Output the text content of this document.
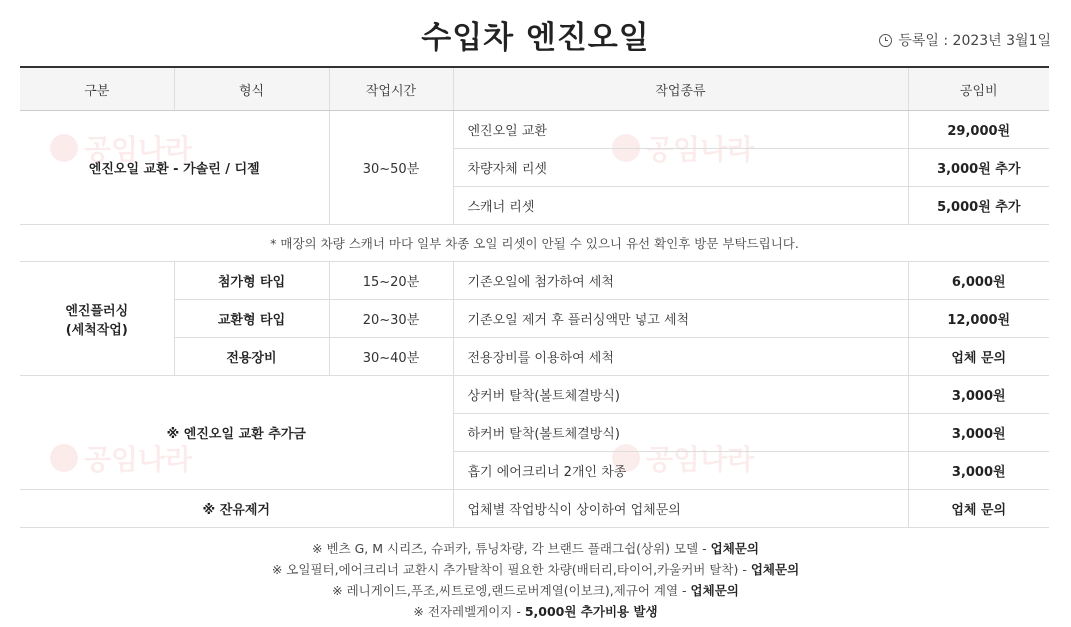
수입차 엔진오일	등록일 : 2023년 3월1일
공임나라	공임나라
공임나라	공임나라
구분	형식	작업시간	작업종류	공임비
엔진오일 교환 - 가솔린 / 디젤		30~50분	엔진오일 교환	29,000원
			차량자체 리셋	3,000원 추가
			스캐너 리셋	5,000원 추가
* 매장의 차량 스캐너 마다 일부 차종 오일 리셋이 안될 수 있으니 유선 확인후 방문 부탁드립니다.				

엔진플러싱
(세척작업)	첨가형 타입	15~20분	기존오일에 첨가하여 세척	6,000원
	교환형 타입	20~30분	기존오일 제거 후 플러싱액만 넣고 세척	12,000원
	전용장비	30~40분	전용장비를 이용하여 세척	업체 문의
※ 엔진오일 교환 추가금			상커버 탈착(볼트체결방식)	3,000원
			하커버 탈착(볼트체결방식)	3,000원
			흡기 에어크리너 2개인 차종	3,000원
※ 잔유제거			업체별 작업방식이 상이하여 업체문의	업체 문의
※ 벤츠 G, M 시리즈, 슈퍼카, 튜닝차량, 각 브랜드 플래그쉽(상위) 모델 - 업체문의
※ 오일필터,에어크리너 교환시 추가탈착이 필요한 차량(배터리,타이어,카울커버 탈착) - 업체문의
※ 레니게이드,푸조,씨트로엥,랜드로버계열(이보크),제규어 계열 - 업체문의
※ 전자레벨게이지 - 5,000원 추가비용 발생
